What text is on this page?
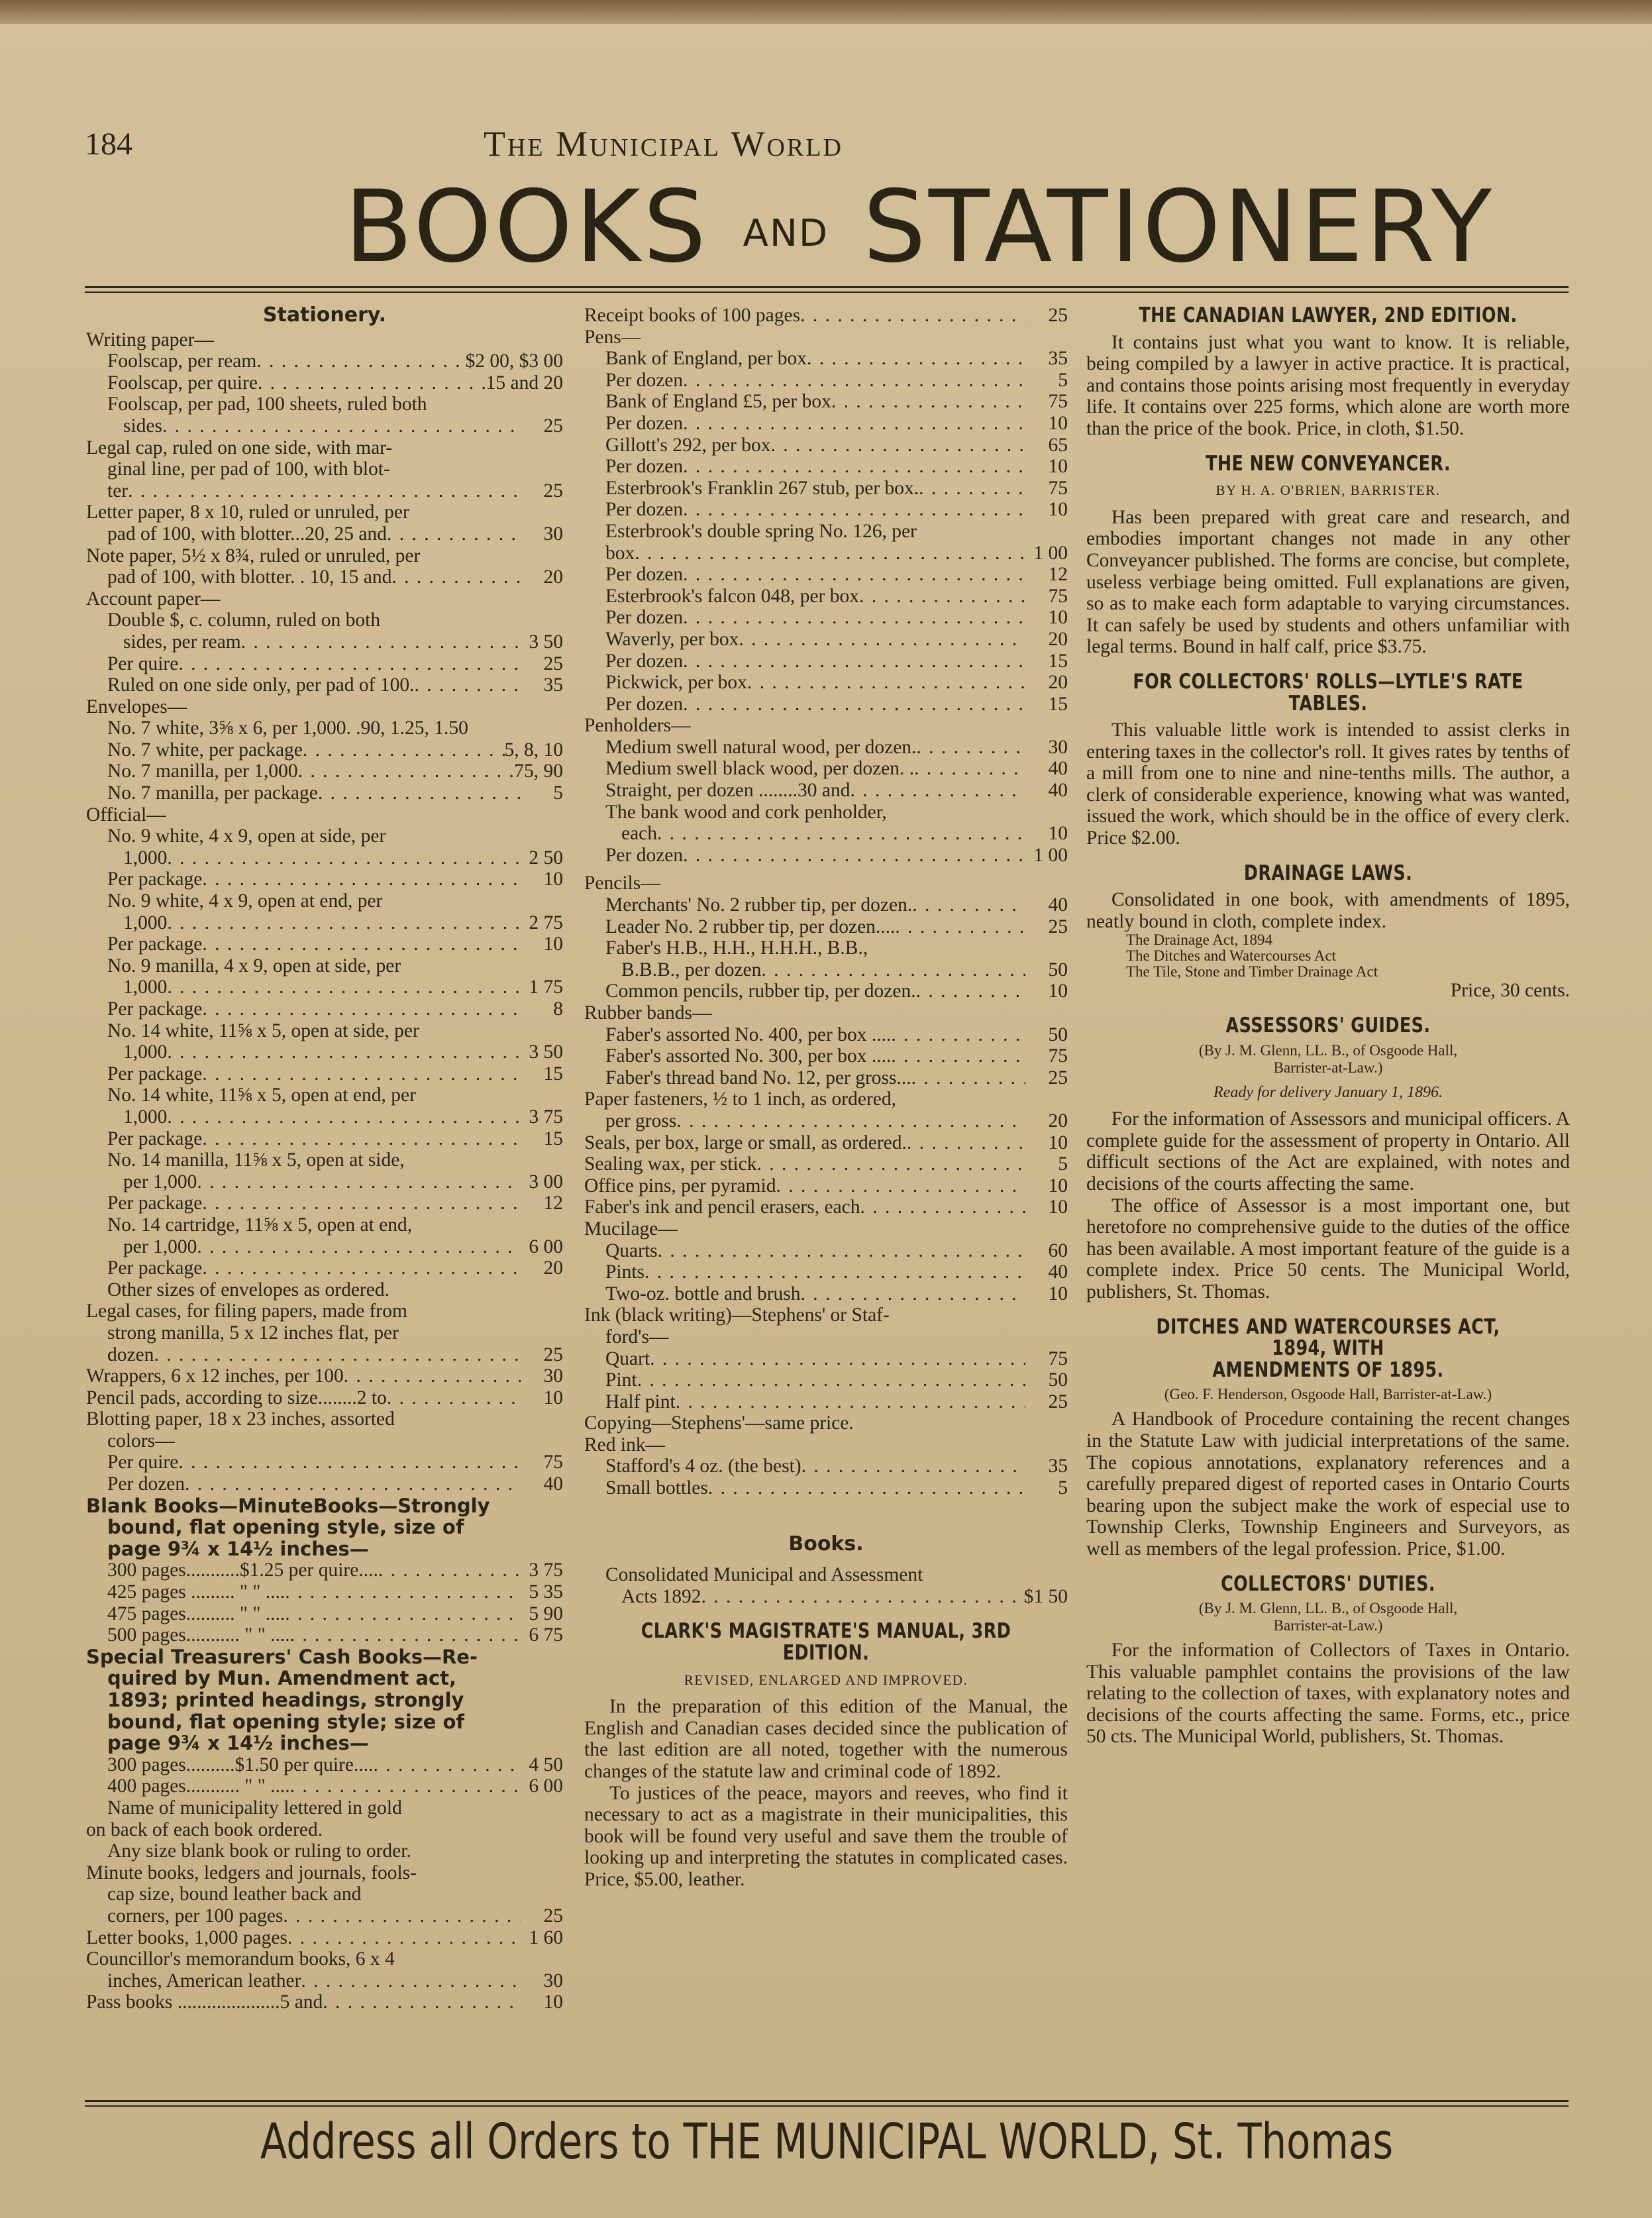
184	The Municipal World
BOOKS AND STATIONERY
Stationery.
Writing paper—
Foolscap, per ream . . .	$2 00, $3 00
Foolscap, per quire . . .	15 and 20
Foolscap, per pad, 100 sheets, ruled both
sides . . .	25
Legal cap, ruled on one side, with mar-
ginal line, per pad of 100, with blot-
ter . . .	25
Letter paper, 8 x 10, ruled or unruled, per
pad of 100, with blotter...20, 25 and . . .	30
Note paper, 5½ x 8¾, ruled or unruled, per
pad of 100, with blotter. . 10, 15 and . . .	20
Account paper—
Double $, c. column, ruled on both
sides, per ream . . .	3 50
Per quire . . .	25
Ruled on one side only, per pad of 100. . . .	35
Envelopes—
No. 7 white, 3⅝ x 6, per 1,000. .90, 1.25, 1.50
No. 7 white, per package . . .	5, 8, 10
No. 7 manilla, per 1,000 . . .	75, 90
No. 7 manilla, per package . . .	5
Official—
No. 9 white, 4 x 9, open at side, per
1,000 . . .	2 50
Per package . . .	10
No. 9 white, 4 x 9, open at end, per
1,000 . . .	2 75
Per package . . .	10
No. 9 manilla, 4 x 9, open at side, per
1,000 . . .	1 75
Per package . . .	8
No. 14 white, 11⅝ x 5, open at side, per
1,000 . . .	3 50
Per package . . .	15
No. 14 white, 11⅝ x 5, open at end, per
1,000 . . .	3 75
Per package . . .	15
No. 14 manilla, 11⅝ x 5, open at side,
per 1,000 . . .	3 00
Per package . . .	12
No. 14 cartridge, 11⅝ x 5, open at end,
per 1,000 . . .	6 00
Per package . . .	20
Other sizes of envelopes as ordered.
Legal cases, for filing papers, made from
strong manilla, 5 x 12 inches flat, per
dozen . . .	25
Wrappers, 6 x 12 inches, per 100 . . .	30
Pencil pads, according to size........2 to . . .	10
Blotting paper, 18 x 23 inches, assorted
colors—
Per quire . . .	75
Per dozen . . .	40
Blank Books—MinuteBooks—Strongly
bound, flat opening style, size of
page 9¾ x 14½ inches—
300 pages...........$1.25 per quire.... . . .	3 75
425 pages ......... " " .... . . .	5 35
475 pages.......... " " .... . . .	5 90
500 pages........... " " .... . . .	6 75
Special Treasurers' Cash Books—Re-
quired by Mun. Amendment act,
1893; printed headings, strongly
bound, flat opening style; size of
page 9¾ x 14½ inches—
300 pages..........$1.50 per quire.... . . .	4 50
400 pages........... " " .... . . .	6 00
Name of municipality lettered in gold
on back of each book ordered.
Any size blank book or ruling to order.
Minute books, ledgers and journals, fools-
cap size, bound leather back and
corners, per 100 pages . . .	25
Letter books, 1,000 pages . . .	1 60
Councillor's memorandum books, 6 x 4
inches, American leather . . .	30
Pass books .....................5 and . . .	10
Receipt books of 100 pages . . .	25
Pens—
Bank of England, per box . . .	35
Per dozen . . .	5
Bank of England £5, per box . . .	75
Per dozen . . .	10
Gillott's 292, per box . . .	65
Per dozen . . .	10
Esterbrook's Franklin 267 stub, per box. . . .	75
Per dozen . . .	10
Esterbrook's double spring No. 126, per
box . . .	1 00
Per dozen . . .	12
Esterbrook's falcon 048, per box . . .	75
Per dozen . . .	10
Waverly, per box . . .	20
Per dozen . . .	15
Pickwick, per box . . .	20
Per dozen . . .	15
Penholders—
Medium swell natural wood, per dozen. . . .	30
Medium swell black wood, per dozen. . . . .	40
Straight, per dozen ........30 and . . .	40
The bank wood and cork penholder,
each . . .	10
Per dozen . . .	1 00
Pencils—
Merchants' No. 2 rubber tip, per dozen. . . .	40
Leader No. 2 rubber tip, per dozen.... . . .	25
Faber's H.B., H.H., H.H.H., B.B.,
B.B.B., per dozen . . .	50
Common pencils, rubber tip, per dozen. . . .	10
Rubber bands—
Faber's assorted No. 400, per box .... . . .	50
Faber's assorted No. 300, per box .... . . .	75
Faber's thread band No. 12, per gross... . . .	25
Paper fasteners, ½ to 1 inch, as ordered,
per gross . . .	20
Seals, per box, large or small, as ordered. . . .	10
Sealing wax, per stick . . .	5
Office pins, per pyramid . . .	10
Faber's ink and pencil erasers, each . . .	10
Mucilage—
Quarts . . .	60
Pints . . .	40
Two-oz. bottle and brush . . .	10
Ink (black writing)—Stephens' or Staf-
ford's—
Quart . . .	75
Pint . . .	50
Half pint . . .	25
Copying—Stephens'—same price.
Red ink—
Stafford's 4 oz. (the best) . . .	35
Small bottles . . .	5
Books.
Consolidated Municipal and Assessment
Acts 1892 . . .	$1 50
CLARK'S MAGISTRATE'S MANUAL, 3RD EDITION.
REVISED, ENLARGED AND IMPROVED.
In the preparation of this edition of the Manual, the English and Canadian cases decided since the publication of the last edition are all noted, together with the numerous changes of the statute law and criminal code of 1892.
To justices of the peace, mayors and reeves, who find it necessary to act as a magistrate in their municipalities, this book will be found very useful and save them the trouble of looking up and interpreting the statutes in complicated cases. Price, $5.00, leather.
THE CANADIAN LAWYER, 2ND EDITION.
It contains just what you want to know. It is reliable, being compiled by a lawyer in active practice. It is practical, and contains those points arising most frequently in everyday life. It contains over 225 forms, which alone are worth more than the price of the book. Price, in cloth, $1.50.
THE NEW CONVEYANCER.
BY H. A. O'BRIEN, BARRISTER.
Has been prepared with great care and research, and embodies important changes not made in any other Conveyancer published. The forms are concise, but complete, useless verbiage being omitted. Full explanations are given, so as to make each form adaptable to varying circumstances. It can safely be used by students and others unfamiliar with legal terms. Bound in half calf, price $3.75.
FOR COLLECTORS' ROLLS—LYTLE'S RATE TABLES.
This valuable little work is intended to assist clerks in entering taxes in the collector's roll. It gives rates by tenths of a mill from one to nine and nine-tenths mills. The author, a clerk of considerable experience, knowing what was wanted, issued the work, which should be in the office of every clerk. Price $2.00.
DRAINAGE LAWS.
Consolidated in one book, with amendments of 1895, neatly bound in cloth, complete index.
The Drainage Act, 1894
The Ditches and Watercourses Act
The Tile, Stone and Timber Drainage Act
Price, 30 cents.
ASSESSORS' GUIDES.
(By J. M. Glenn, LL. B., of Osgoode Hall,
Barrister-at-Law.)
Ready for delivery January 1, 1896.
For the information of Assessors and municipal officers. A complete guide for the assessment of property in Ontario. All difficult sections of the Act are explained, with notes and decisions of the courts affecting the same.
The office of Assessor is a most important one, but heretofore no comprehensive guide to the duties of the office has been available. A most important feature of the guide is a complete index. Price 50 cents. The Municipal World, publishers, St. Thomas.
DITCHES AND WATERCOURSES ACT, 1894, WITH
AMENDMENTS OF 1895.
(Geo. F. Henderson, Osgoode Hall, Barrister-at-Law.)
A Handbook of Procedure containing the recent changes in the Statute Law with judicial interpretations of the same. The copious annotations, explanatory references and a carefully prepared digest of reported cases in Ontario Courts bearing upon the subject make the work of especial use to Township Clerks, Township Engineers and Surveyors, as well as members of the legal profession. Price, $1.00.
COLLECTORS' DUTIES.
(By J. M. Glenn, LL. B., of Osgoode Hall,
Barrister-at-Law.)
For the information of Collectors of Taxes in Ontario. This valuable pamphlet contains the provisions of the law relating to the collection of taxes, with explanatory notes and decisions of the courts affecting the same. Forms, etc., price 50 cts. The Municipal World, publishers, St. Thomas.
Address all Orders to THE MUNICIPAL WORLD, St. Thomas
